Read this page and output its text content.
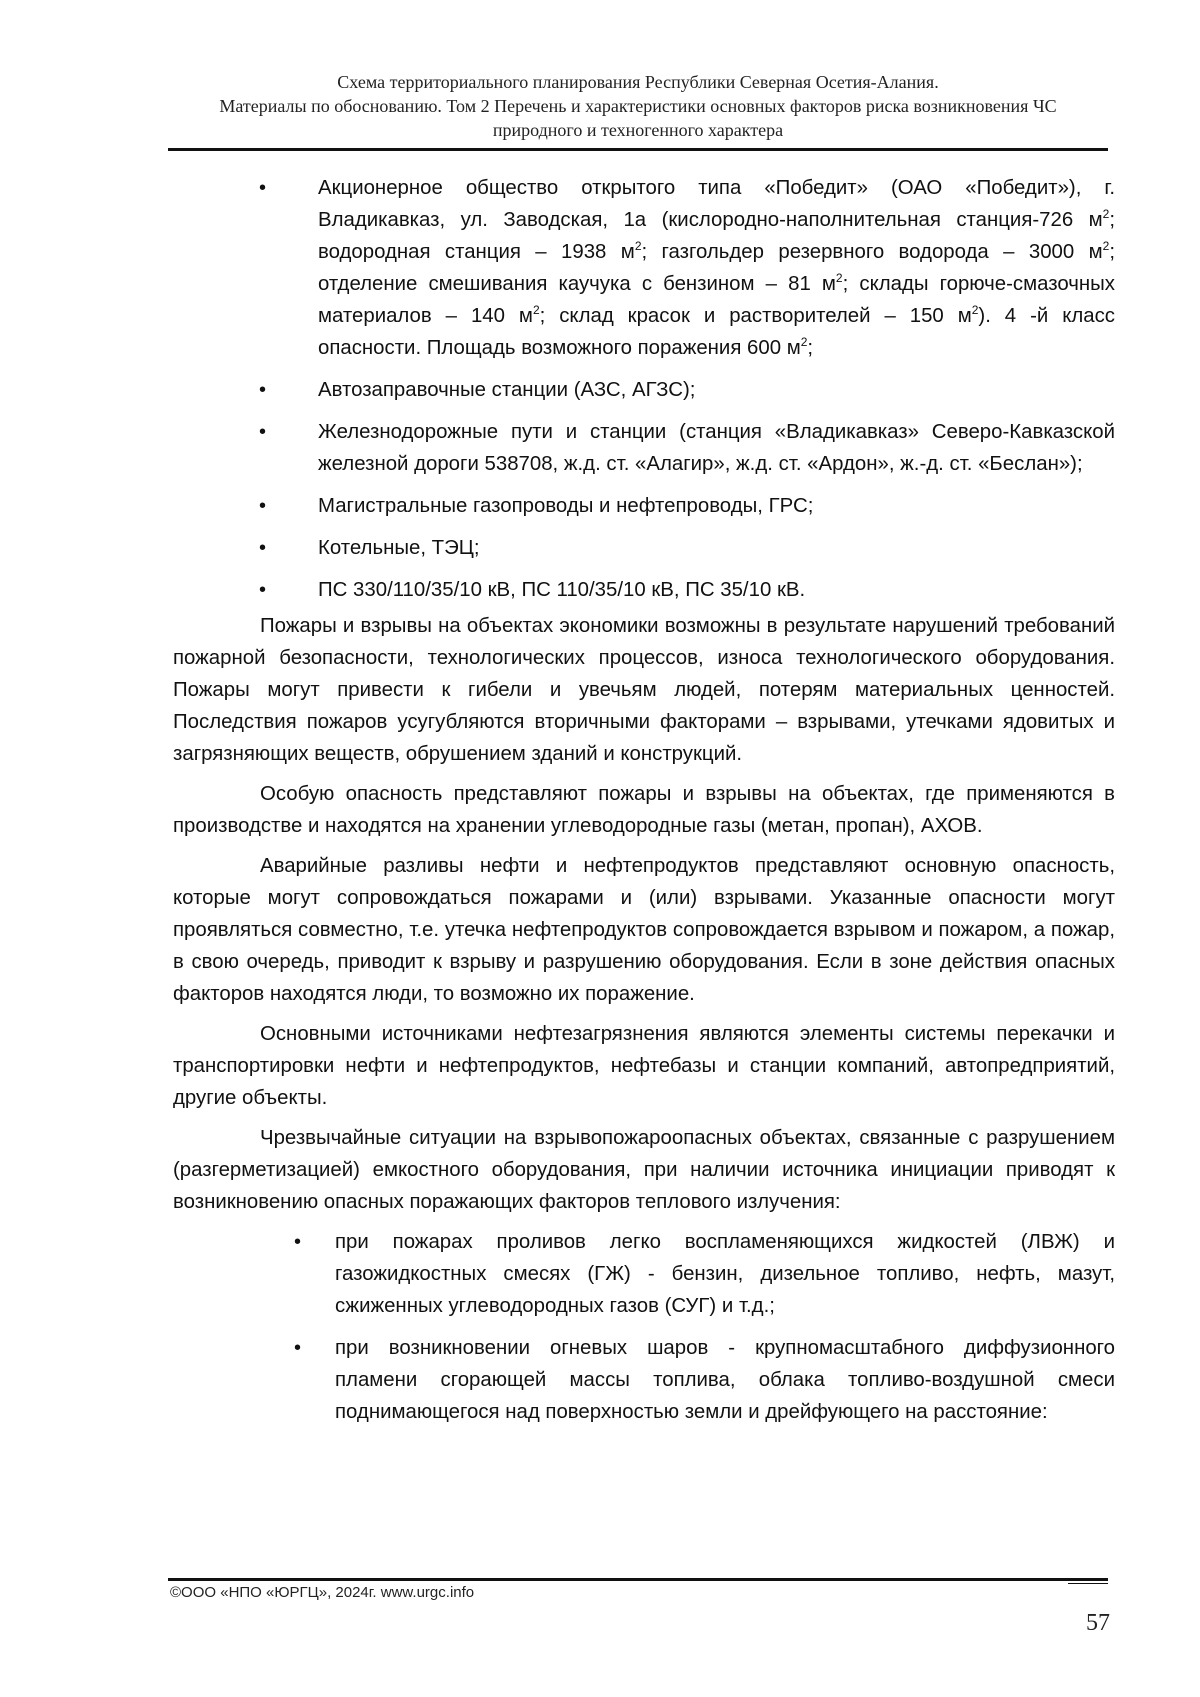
Схема территориального планирования Республики Северная Осетия-Алания.
Материалы по обоснованию. Том 2 Перечень и характеристики основных факторов риска возникновения ЧС
природного и техногенного характера
•	Акционерное общество открытого типа «Победит» (ОАО «Победит»), г. Владикавказ, ул. Заводская, 1а (кислородно-наполнительная станция-726 $м^2$; водородная станция – 1938 $м^2$; газгольдер резервного водорода – 3000 $м^2$; отделение смешивания каучука с бензином – 81 $м^2$; склады горюче-смазочных материалов – 140 $м^2$; склад красок и растворителей – 150 $м^2$). 4 -й класс опасности. Площадь возможного поражения 600 $м^2$;
•	Автозаправочные станции (АЗС, АГЗС);
•	Железнодорожные пути и станции (станция «Владикавказ» Северо-Кавказской железной дороги 538708, ж.д. ст. «Алагир», ж.д. ст. «Ардон», ж.-д. ст. «Беслан»);
•	Магистральные газопроводы и нефтепроводы, ГРС;
•	Котельные, ТЭЦ;
•	ПС 330/110/35/10 кВ, ПС 110/35/10 кВ, ПС 35/10 кВ.

Пожары и взрывы на объектах экономики возможны в результате нарушений требований пожарной безопасности, технологических процессов, износа технологического оборудования. Пожары могут привести к гибели и увечьям людей, потерям материальных ценностей. Последствия пожаров усугубляются вторичными факторами – взрывами, утечками ядовитых и загрязняющих веществ, обрушением зданий и конструкций.

Особую опасность представляют пожары и взрывы на объектах, где применяются в производстве и находятся на хранении углеводородные газы (метан, пропан), АХОВ.

Аварийные разливы нефти и нефтепродуктов представляют основную опасность, которые могут сопровождаться пожарами и (или) взрывами. Указанные опасности могут проявляться совместно, т.е. утечка нефтепродуктов сопровождается взрывом и пожаром, а пожар, в свою очередь, приводит к взрыву и разрушению оборудования. Если в зоне действия опасных факторов находятся люди, то возможно их поражение.

Основными источниками нефтезагрязнения являются элементы системы перекачки и транспортировки нефти и нефтепродуктов, нефтебазы и станции компаний, автопредприятий, другие объекты.

Чрезвычайные ситуации на взрывопожароопасных объектах, связанные с разрушением (разгерметизацией) емкостного оборудования, при наличии источника инициации приводят к возникновению опасных поражающих факторов теплового излучения:

• при пожарах проливов легко воспламеняющихся жидкостей (ЛВЖ) и газожидкостных смесях (ГЖ) - бензин, дизельное топливо, нефть, мазут, сжиженных углеводородных газов (СУГ) и т.д.;
• при возникновении огневых шаров - крупномасштабного диффузионного пламени сгорающей массы топлива, облака топливо-воздушной смеси поднимающегося над поверхностью земли и дрейфующего на расстояние:
©ООО «НПО «ЮРГЦ», 2024г. www.urgc.info
57
